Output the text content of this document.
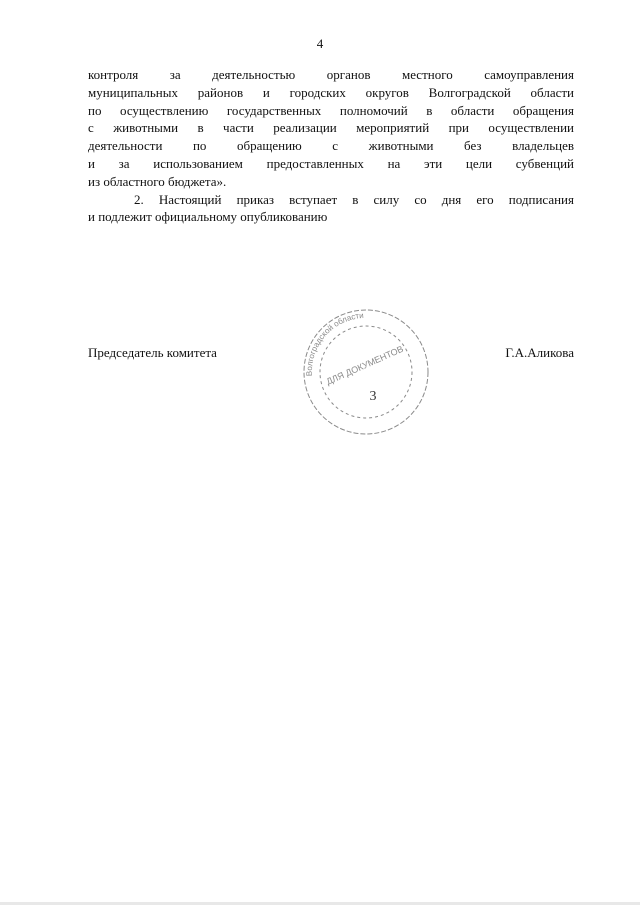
4
контроля за деятельностью органов местного самоуправления
муниципальных районов и городских округов Волгоградской области
по осуществлению государственных полномочий в области обращения
с животными в части реализации мероприятий при осуществлении
деятельности по обращению с животными без владельцев
и за использованием предоставленных на эти цели субвенций
из областного бюджета».
2. Настоящий приказ вступает в силу со дня его подписания
и подлежит официальному опубликованию
Председатель комитета	Г.А.Аликова
Волгоградской области
ДЛЯ ДОКУМЕНТОВ
3
